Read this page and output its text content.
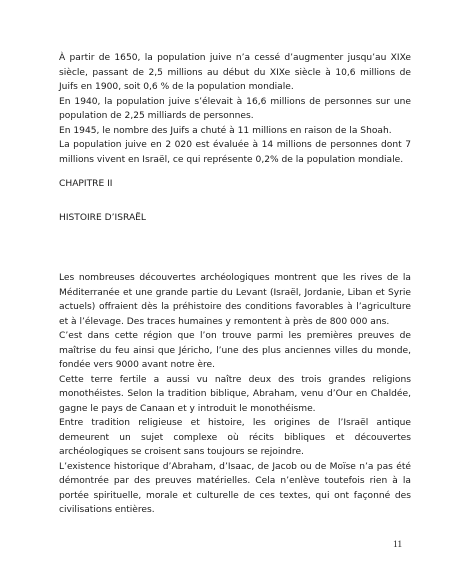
À partir de 1650, la population juive n’a cessé d’augmenter jusqu’au XIXe siècle, passant de 2,5 millions au début du XIXe siècle à 10,6 millions de Juifs en 1900, soit 0,6 % de la population mondiale.

En 1940, la population juive s’élevait à 16,6 millions de personnes sur une population de 2,25 milliards de personnes.

En 1945, le nombre des Juifs a chuté à 11 millions en raison de la Shoah.

La population juive en 2 020 est évaluée à 14 millions de personnes dont 7 millions vivent en Israël, ce qui représente 0,2% de la population mondiale.

CHAPITRE II

HISTOIRE D’ISRAËL

Les nombreuses découvertes archéologiques montrent que les rives de la Méditerranée et une grande partie du Levant (Israël, Jordanie, Liban et Syrie actuels) offraient dès la préhistoire des conditions favorables à l’agriculture et à l’élevage. Des traces humaines y remontent à près de 800 000 ans.

C’est dans cette région que l’on trouve parmi les premières preuves de maîtrise du feu ainsi que Jéricho, l’une des plus anciennes villes du monde, fondée vers 9000 avant notre ère.

Cette terre fertile a aussi vu naître deux des trois grandes religions monothéistes. Selon la tradition biblique, Abraham, venu d’Our en Chaldée, gagne le pays de Canaan et y introduit le monothéisme.

Entre tradition religieuse et histoire, les origines de l’Israël antique demeurent un sujet complexe où récits bibliques et découvertes archéologiques se croisent sans toujours se rejoindre.

L’existence historique d’Abraham, d’Isaac, de Jacob ou de Moïse n’a pas été démontrée par des preuves matérielles. Cela n’enlève toutefois rien à la portée spirituelle, morale et culturelle de ces textes, qui ont façonné des civilisations entières.

11
